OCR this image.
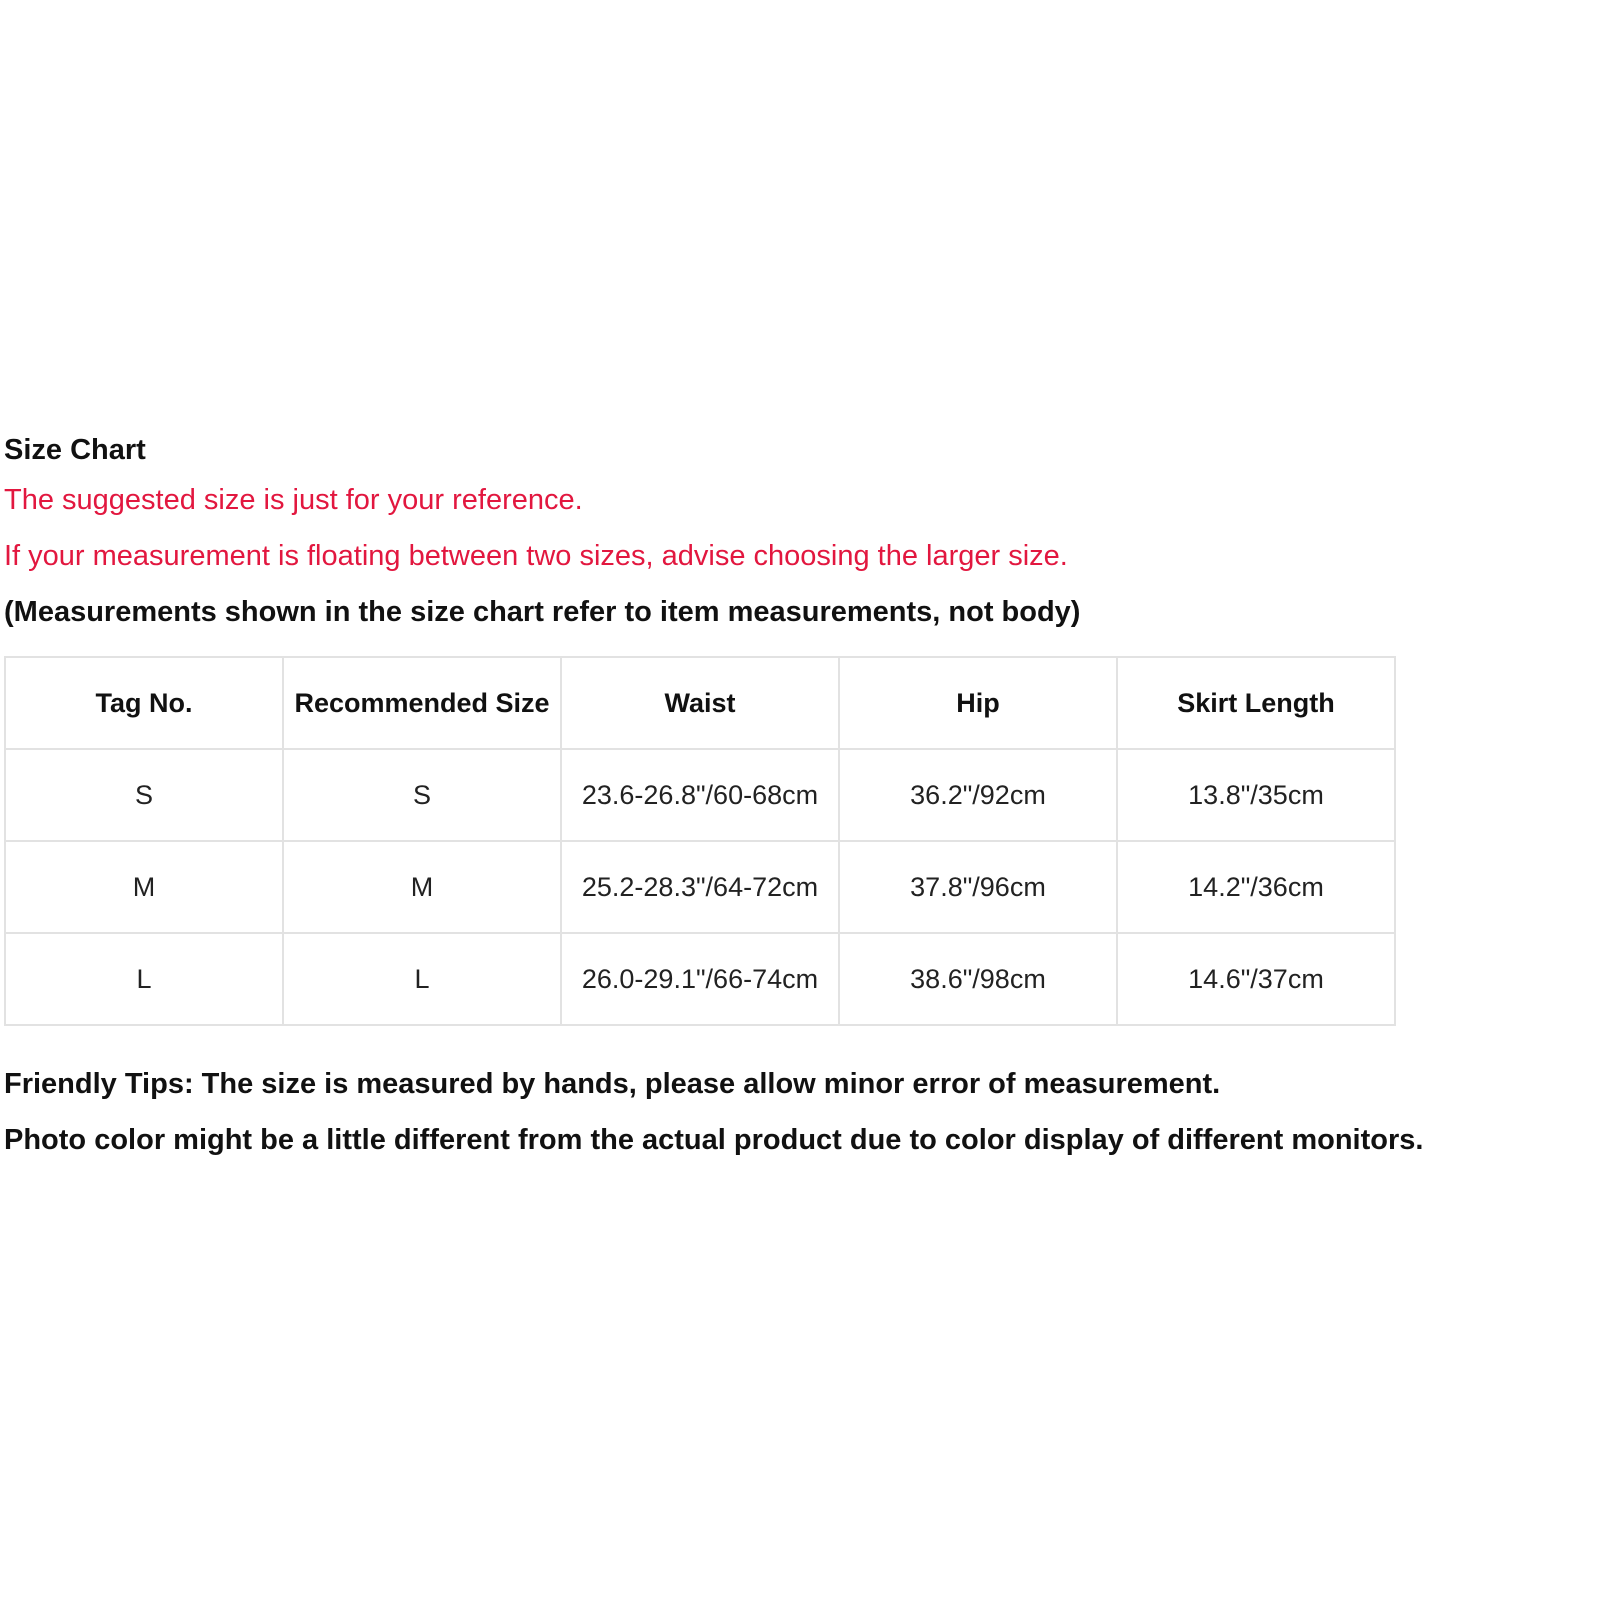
Size Chart
The suggested size is just for your reference.
If your measurement is floating between two sizes, advise choosing the larger size.
(Measurements shown in the size chart refer to item measurements, not body)
Tag No.	Recommended Size	Waist	Hip	Skirt Length
S	S	23.6-26.8"/60-68cm	36.2"/92cm	13.8"/35cm
M	M	25.2-28.3"/64-72cm	37.8"/96cm	14.2"/36cm
L	L	26.0-29.1"/66-74cm	38.6"/98cm	14.6"/37cm
Friendly Tips: The size is measured by hands, please allow minor error of measurement.
Photo color might be a little different from the actual product due to color display of different monitors.
